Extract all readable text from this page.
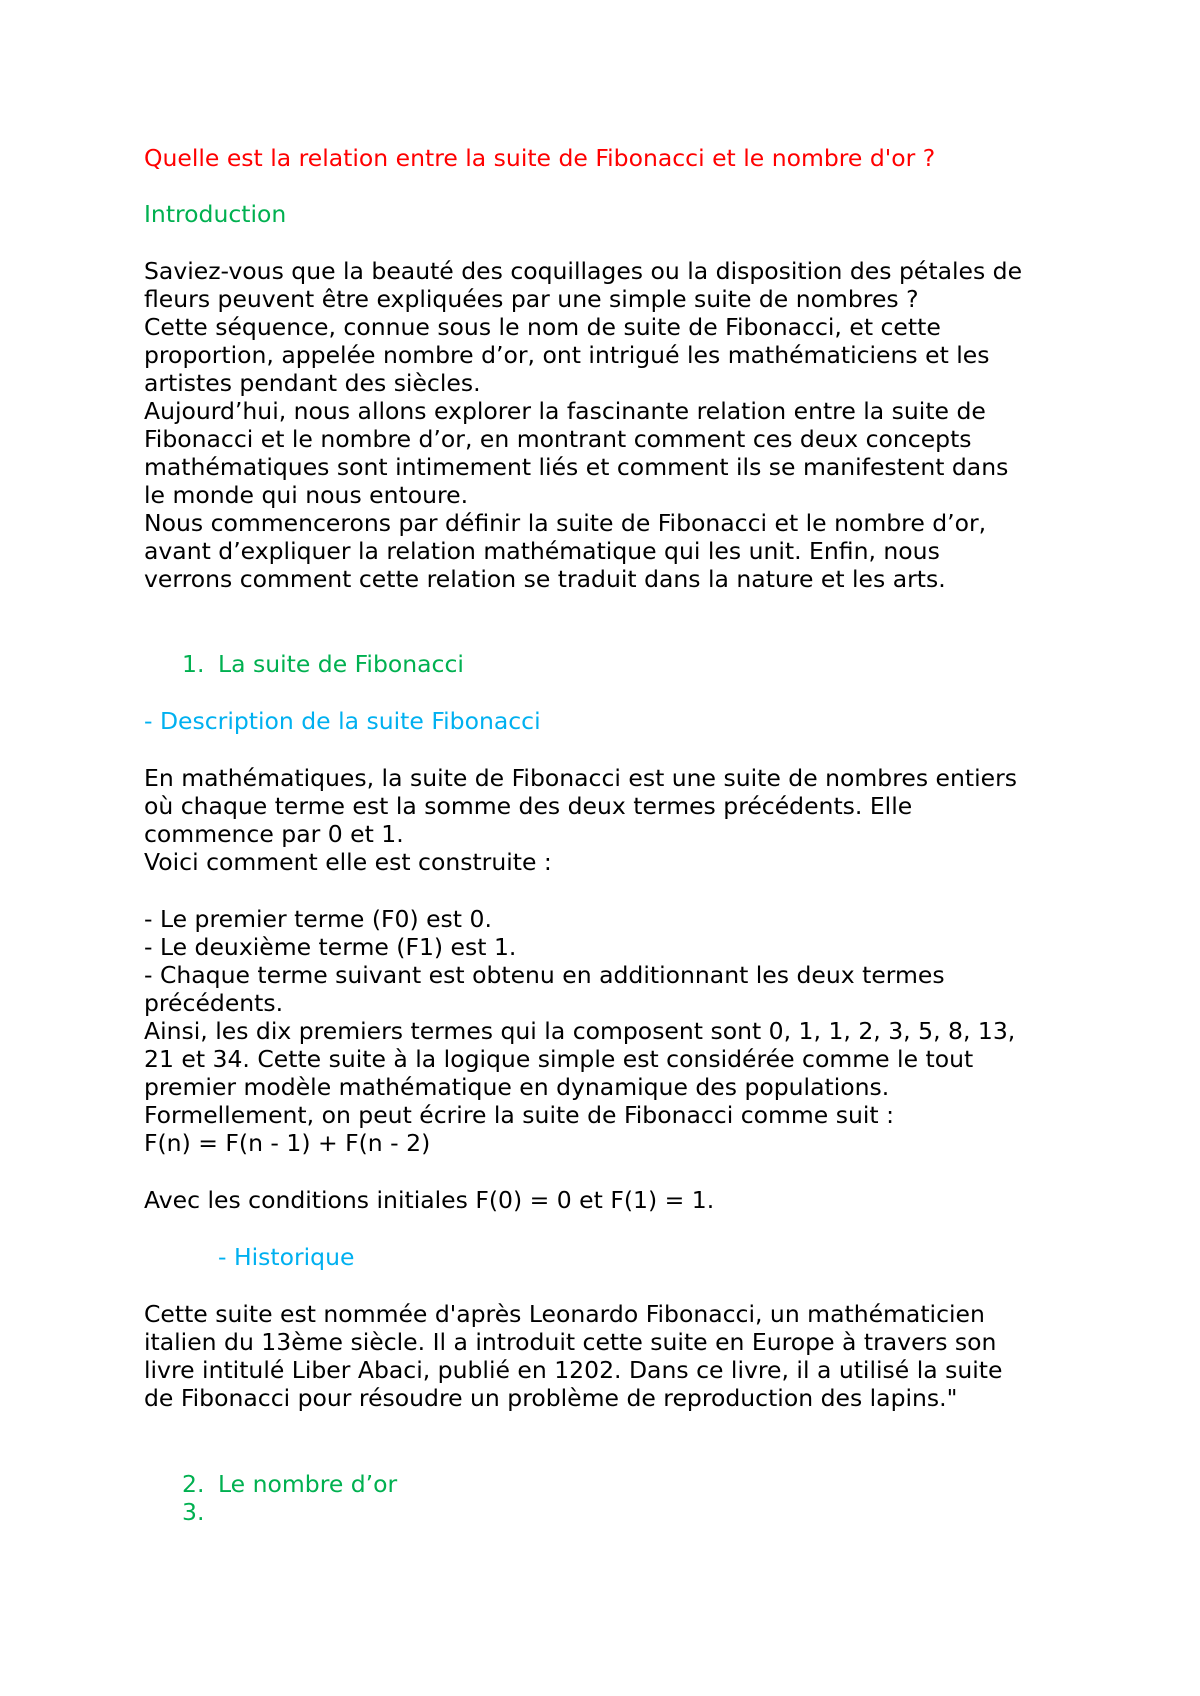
Quelle est la relation entre la suite de Fibonacci et le nombre d'or ?
Introduction
Saviez-vous que la beauté des coquillages ou la disposition des pétales de
fleurs peuvent être expliquées par une simple suite de nombres ?
Cette séquence, connue sous le nom de suite de Fibonacci, et cette
proportion, appelée nombre d’or, ont intrigué les mathématiciens et les
artistes pendant des siècles.
Aujourd’hui, nous allons explorer la fascinante relation entre la suite de
Fibonacci et le nombre d’or, en montrant comment ces deux concepts
mathématiques sont intimement liés et comment ils se manifestent dans
le monde qui nous entoure.
Nous commencerons par définir la suite de Fibonacci et le nombre d’or,
avant d’expliquer la relation mathématique qui les unit. Enfin, nous
verrons comment cette relation se traduit dans la nature et les arts.
1. La suite de Fibonacci
- Description de la suite Fibonacci
En mathématiques, la suite de Fibonacci est une suite de nombres entiers
où chaque terme est la somme des deux termes précédents. Elle
commence par 0 et 1.
Voici comment elle est construite :
- Le premier terme (F0) est 0.
- Le deuxième terme (F1) est 1.
- Chaque terme suivant est obtenu en additionnant les deux termes
précédents.
Ainsi, les dix premiers termes qui la composent sont 0, 1, 1, 2, 3, 5, 8, 13,
21 et 34. Cette suite à la logique simple est considérée comme le tout
premier modèle mathématique en dynamique des populations.
Formellement, on peut écrire la suite de Fibonacci comme suit :
F(n) = F(n - 1) + F(n - 2)
Avec les conditions initiales F(0) = 0 et F(1) = 1.
- Historique
Cette suite est nommée d'après Leonardo Fibonacci, un mathématicien
italien du 13ème siècle. Il a introduit cette suite en Europe à travers son
livre intitulé Liber Abaci, publié en 1202. Dans ce livre, il a utilisé la suite
de Fibonacci pour résoudre un problème de reproduction des lapins."
2. Le nombre d’or
3.
